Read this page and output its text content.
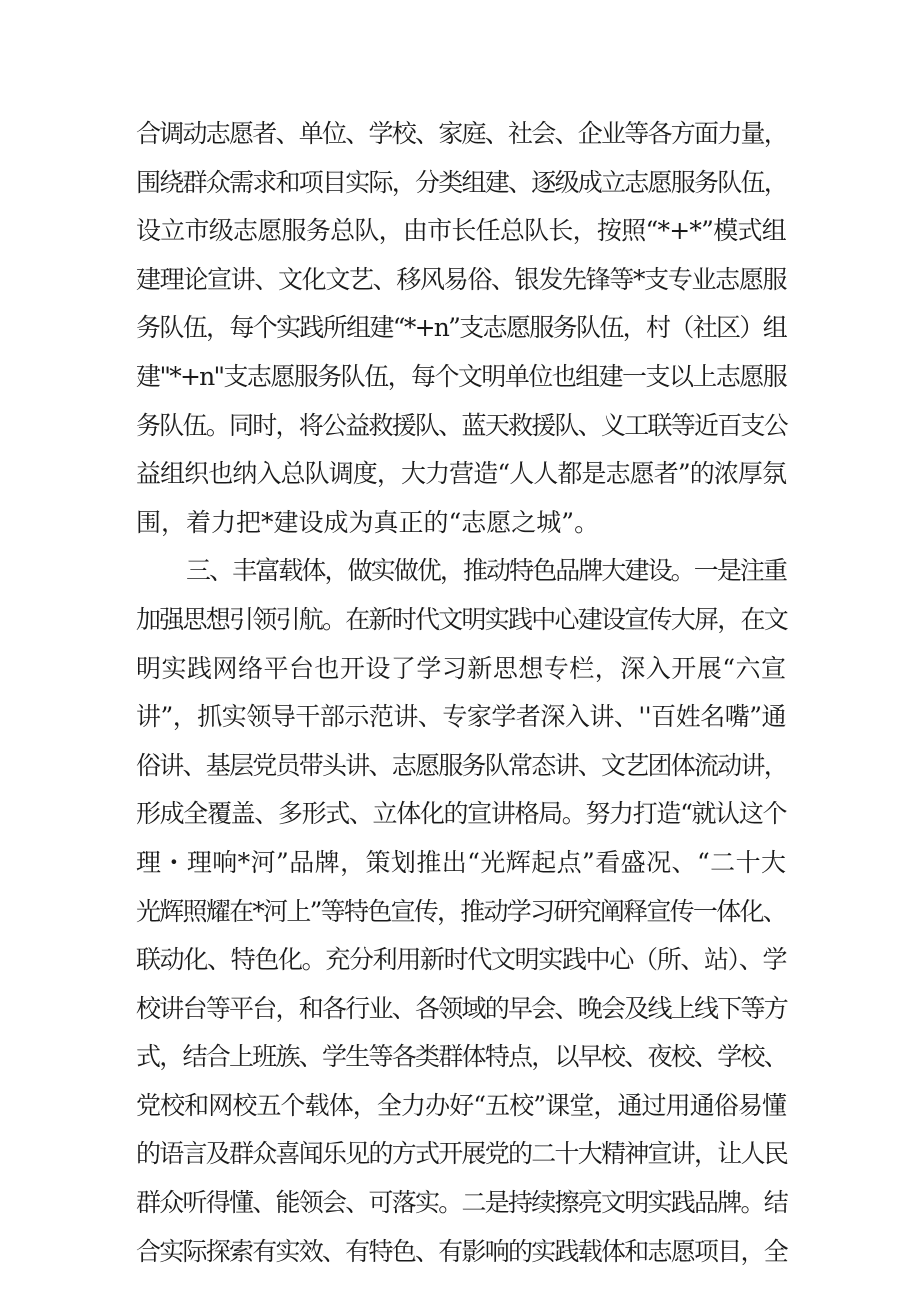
合调动志愿者、单位、学校、家庭、社会、企业等各方面力量，
围绕群众需求和项目实际，分类组建、逐级成立志愿服务队伍，
设立市级志愿服务总队，由市长任总队长，按照“*+*”模式组
建理论宣讲、文化文艺、移风易俗、银发先锋等*支专业志愿服
务队伍，每个实践所组建“*+n”支志愿服务队伍，村（社区）组
建"*+n"支志愿服务队伍，每个文明单位也组建一支以上志愿服
务队伍。同时，将公益救援队、蓝天救援队、义工联等近百支公
益组织也纳入总队调度，大力营造“人人都是志愿者”的浓厚氛
围，着力把*建设成为真正的“志愿之城”。
三、丰富载体，做实做优，推动特色品牌大建设。一是注重
加强思想引领引航。在新时代文明实践中心建设宣传大屏，在文
明实践网络平台也开设了学习新思想专栏，深入开展“六宣
讲”，抓实领导干部示范讲、专家学者深入讲、''百姓名嘴”通
俗讲、基层党员带头讲、志愿服务队常态讲、文艺团体流动讲，
形成全覆盖、多形式、立体化的宣讲格局。努力打造“就认这个
理・理响*河”品牌，策划推出“光辉起点”看盛况、“二十大
光辉照耀在*河上”等特色宣传，推动学习研究阐释宣传一体化、
联动化、特色化。充分利用新时代文明实践中心（所、站）、学
校讲台等平台，和各行业、各领域的早会、晚会及线上线下等方
式，结合上班族、学生等各类群体特点，以早校、夜校、学校、
党校和网校五个载体，全力办好“五校”课堂，通过用通俗易懂
的语言及群众喜闻乐见的方式开展党的二十大精神宣讲，让人民
群众听得懂、能领会、可落实。二是持续擦亮文明实践品牌。结
合实际探索有实效、有特色、有影响的实践载体和志愿项目，全
